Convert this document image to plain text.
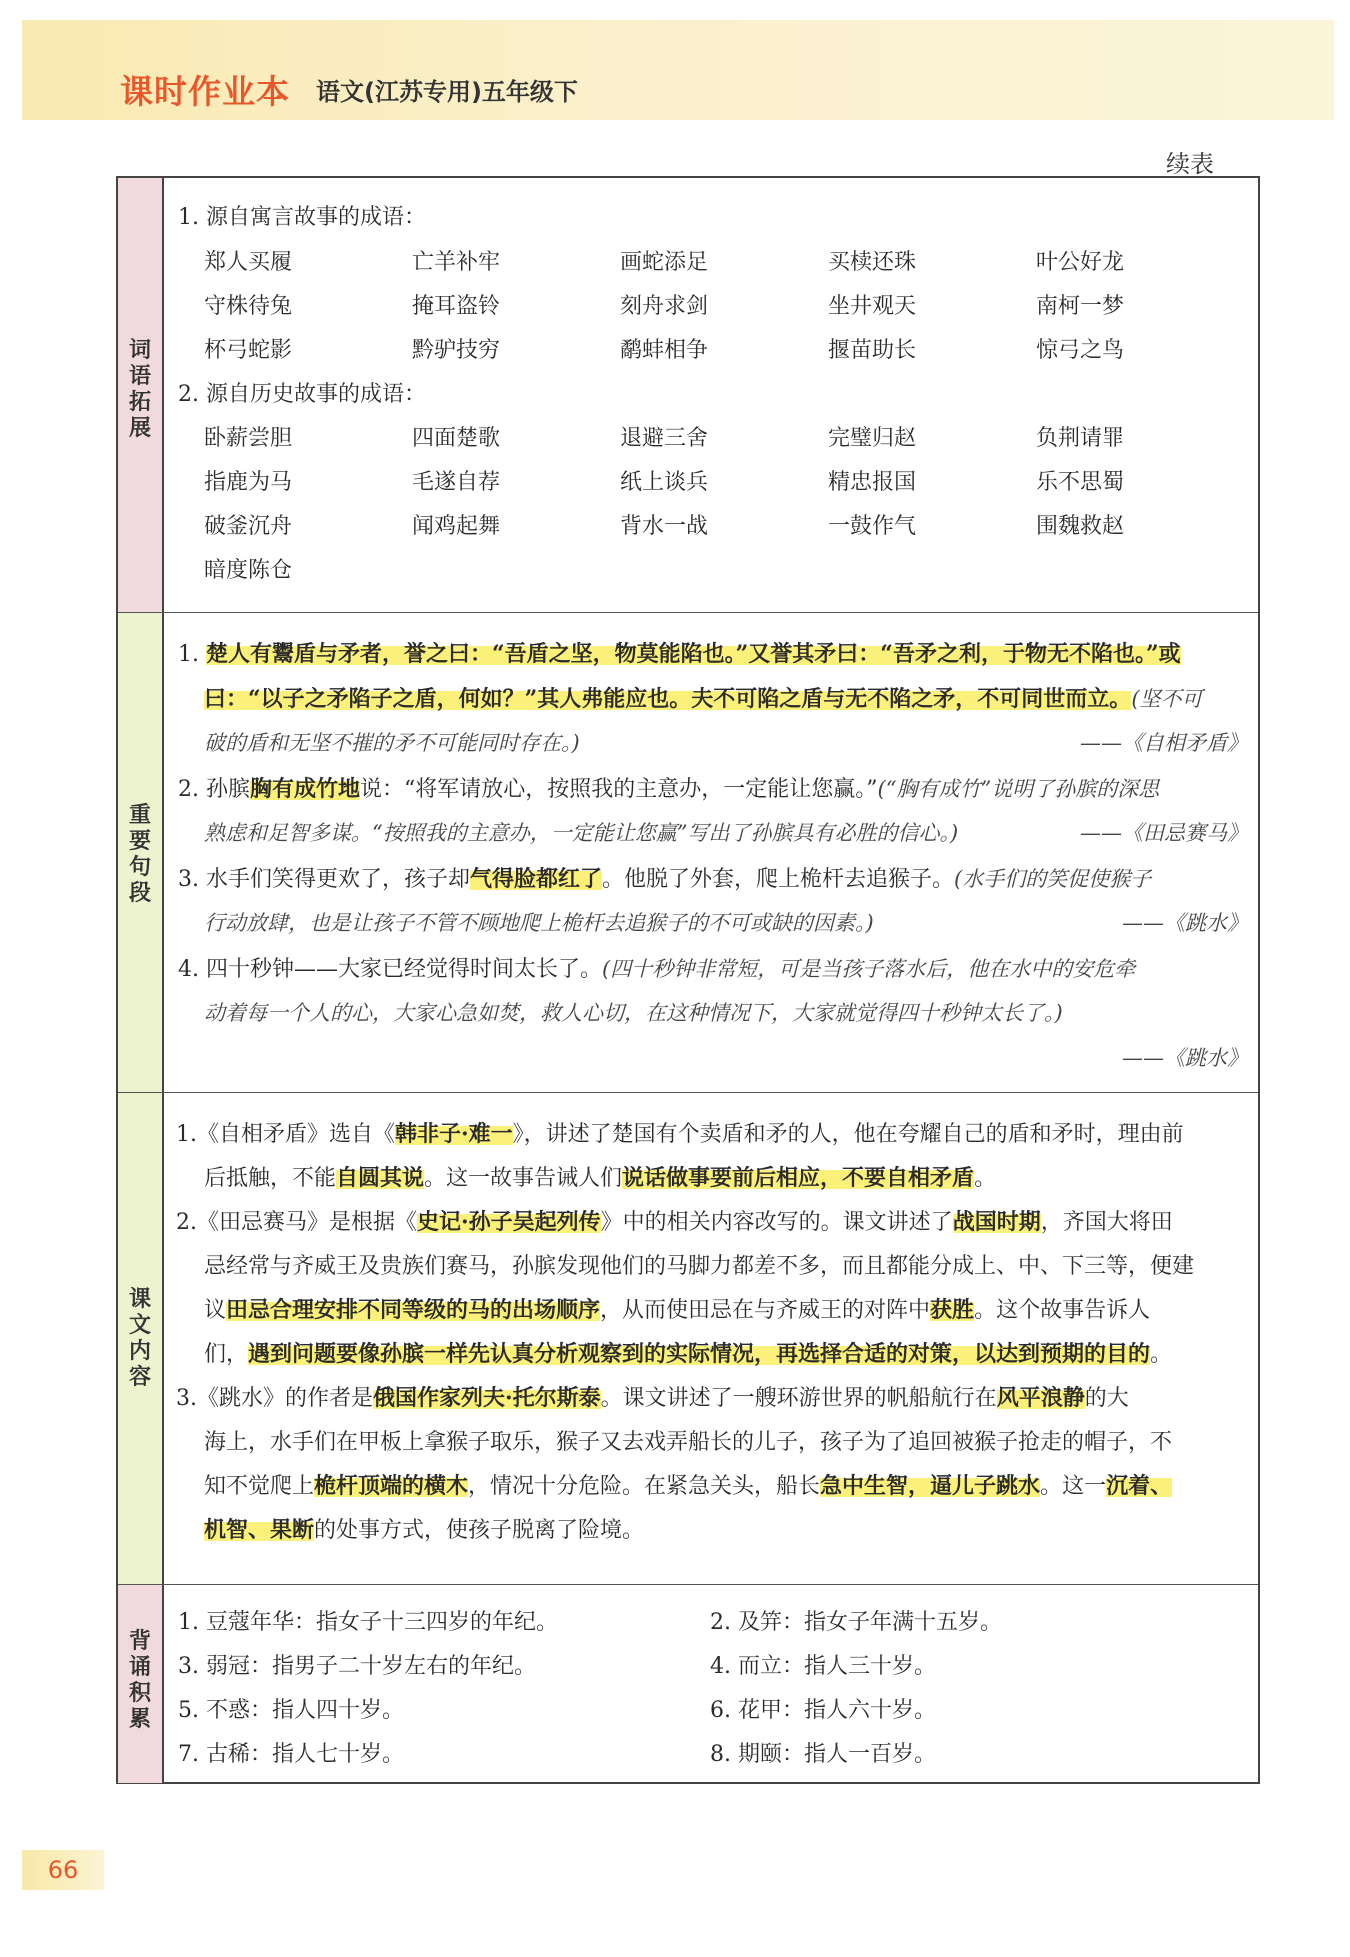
课时作业本 语文(江苏专用)五年级下
续表
词
语
拓
展
1. 源自寓言故事的成语：
郑人买履	亡羊补牢	画蛇添足	买椟还珠	叶公好龙
守株待兔	掩耳盗铃	刻舟求剑	坐井观天	南柯一梦
杯弓蛇影	黔驴技穷	鹬蚌相争	揠苗助长	惊弓之鸟
2. 源自历史故事的成语：
卧薪尝胆	四面楚歌	退避三舍	完璧归赵	负荆请罪
指鹿为马	毛遂自荐	纸上谈兵	精忠报国	乐不思蜀
破釜沉舟	闻鸡起舞	背水一战	一鼓作气	围魏救赵
暗度陈仓
重
要
句
段
1. 楚人有鬻盾与矛者，誉之曰：“吾盾之坚，物莫能陷也。”又誉其矛曰：“吾矛之利，于物无不陷也。”或
曰：“以子之矛陷子之盾，何如？”其人弗能应也。夫不可陷之盾与无不陷之矛，不可同世而立。(坚不可
破的盾和无坚不摧的矛不可能同时存在。)	——《自相矛盾》
2. 孙膑胸有成竹地说：“将军请放心，按照我的主意办，一定能让您赢。”(“胸有成竹”说明了孙膑的深思
熟虑和足智多谋。“按照我的主意办，一定能让您赢”写出了孙膑具有必胜的信心。)	——《田忌赛马》
3. 水手们笑得更欢了，孩子却气得脸都红了。他脱了外套，爬上桅杆去追猴子。(水手们的笑促使猴子
行动放肆，也是让孩子不管不顾地爬上桅杆去追猴子的不可或缺的因素。)	——《跳水》
4. 四十秒钟——大家已经觉得时间太长了。(四十秒钟非常短，可是当孩子落水后，他在水中的安危牵
动着每一个人的心，大家心急如焚，救人心切，在这种情况下，大家就觉得四十秒钟太长了。)
——《跳水》
课
文
内
容
1.《自相矛盾》选自《韩非子·难一》，讲述了楚国有个卖盾和矛的人，他在夸耀自己的盾和矛时，理由前
后抵触，不能自圆其说。这一故事告诫人们说话做事要前后相应，不要自相矛盾。
2.《田忌赛马》是根据《史记·孙子吴起列传》中的相关内容改写的。课文讲述了战国时期，齐国大将田
忌经常与齐威王及贵族们赛马，孙膑发现他们的马脚力都差不多，而且都能分成上、中、下三等，便建
议田忌合理安排不同等级的马的出场顺序，从而使田忌在与齐威王的对阵中获胜。这个故事告诉人
们，遇到问题要像孙膑一样先认真分析观察到的实际情况，再选择合适的对策，以达到预期的目的。
3.《跳水》的作者是俄国作家列夫·托尔斯泰。课文讲述了一艘环游世界的帆船航行在风平浪静的大
海上，水手们在甲板上拿猴子取乐，猴子又去戏弄船长的儿子，孩子为了追回被猴子抢走的帽子，不
知不觉爬上桅杆顶端的横木，情况十分危险。在紧急关头，船长急中生智，逼儿子跳水。这一沉着、
机智、果断的处事方式，使孩子脱离了险境。
背
诵
积
累
1. 豆蔻年华：指女子十三四岁的年纪。	2. 及笄：指女子年满十五岁。
3. 弱冠：指男子二十岁左右的年纪。	4. 而立：指人三十岁。
5. 不惑：指人四十岁。	6. 花甲：指人六十岁。
7. 古稀：指人七十岁。	8. 期颐：指人一百岁。
66
